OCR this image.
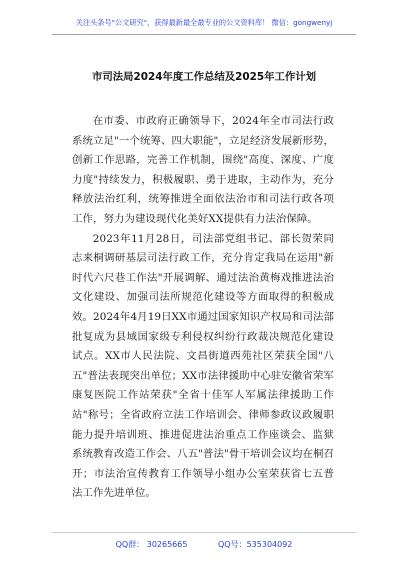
关注头条号"公文研究"，获得最新最全最专业的公文资料库！ 微信：gongwenyj
市司法局2024年度工作总结及2025年工作计划

在市委、市政府正确领导下，2024年全市司法行政系统立足"一个统筹、四大职能"，立足经济发展新形势，创新工作思路，完善工作机制，围绕"高度、深度、广度力度"持续发力，积极履职、勇于进取，主动作为，充分释放法治红利，统筹推进全面依法治市和司法行政各项工作，努力为建设现代化美好XX提供有力法治保障。

2023年11月28日，司法部党组书记、部长贺荣同志来桐调研基层司法行政工作，充分肯定我局在运用"新时代六尺巷工作法"开展调解、通过法治黄梅戏推进法治文化建设、加强司法所规范化建设等方面取得的积极成效。2024年4月19日XX市通过国家知识产权局和司法部批复成为县域国家级专利侵权纠纷行政裁决规范化建设试点。XX市人民法院、文昌街道西苑社区荣获全国"八五"普法表现突出单位；XX市法律援助中心驻安徽省荣军康复医院工作站荣获"全省十佳军人军属法律援助工作站"称号；全省政府立法工作培训会、律师参政议政履职能力提升培训班、推进促进法治重点工作座谈会、监狱系统教育改造工作会、八五"普法"骨干培训会议均在桐召开；市法治宣传教育工作领导小组办公室荣获省七五普法工作先进单位。

QQ群： 30265665	QQ号：535304092
